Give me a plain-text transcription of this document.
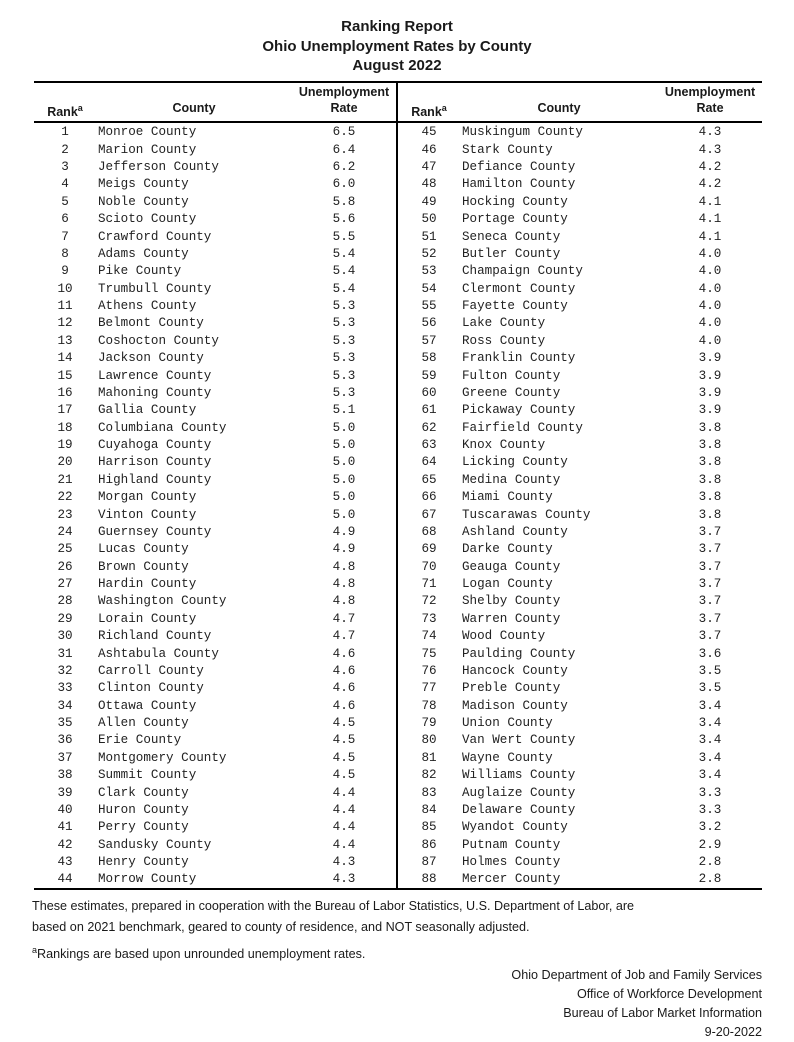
Ranking Report
Ohio Unemployment Rates by County
August 2022
Unemployment
Rank$^a$	County	Rate
1	Monroe County	6.5
2	Marion County	6.4
3	Jefferson County	6.2
4	Meigs County	6.0
5	Noble County	5.8
6	Scioto County	5.6
7	Crawford County	5.5
8	Adams County	5.4
9	Pike County	5.4
10	Trumbull County	5.4
11	Athens County	5.3
12	Belmont County	5.3
13	Coshocton County	5.3
14	Jackson County	5.3
15	Lawrence County	5.3
16	Mahoning County	5.3
17	Gallia County	5.1
18	Columbiana County	5.0
19	Cuyahoga County	5.0
20	Harrison County	5.0
21	Highland County	5.0
22	Morgan County	5.0
23	Vinton County	5.0
24	Guernsey County	4.9
25	Lucas County	4.9
26	Brown County	4.8
27	Hardin County	4.8
28	Washington County	4.8
29	Lorain County	4.7
30	Richland County	4.7
31	Ashtabula County	4.6
32	Carroll County	4.6
33	Clinton County	4.6
34	Ottawa County	4.6
35	Allen County	4.5
36	Erie County	4.5
37	Montgomery County	4.5
38	Summit County	4.5
39	Clark County	4.4
40	Huron County	4.4
41	Perry County	4.4
42	Sandusky County	4.4
43	Henry County	4.3
44	Morrow County	4.3
Unemployment
Rank$^a$	County	Rate
45	Muskingum County	4.3
46	Stark County	4.3
47	Defiance County	4.2
48	Hamilton County	4.2
49	Hocking County	4.1
50	Portage County	4.1
51	Seneca County	4.1
52	Butler County	4.0
53	Champaign County	4.0
54	Clermont County	4.0
55	Fayette County	4.0
56	Lake County	4.0
57	Ross County	4.0
58	Franklin County	3.9
59	Fulton County	3.9
60	Greene County	3.9
61	Pickaway County	3.9
62	Fairfield County	3.8
63	Knox County	3.8
64	Licking County	3.8
65	Medina County	3.8
66	Miami County	3.8
67	Tuscarawas County	3.8
68	Ashland County	3.7
69	Darke County	3.7
70	Geauga County	3.7
71	Logan County	3.7
72	Shelby County	3.7
73	Warren County	3.7
74	Wood County	3.7
75	Paulding County	3.6
76	Hancock County	3.5
77	Preble County	3.5
78	Madison County	3.4
79	Union County	3.4
80	Van Wert County	3.4
81	Wayne County	3.4
82	Williams County	3.4
83	Auglaize County	3.3
84	Delaware County	3.3
85	Wyandot County	3.2
86	Putnam County	2.9
87	Holmes County	2.8
88	Mercer County	2.8
These estimates, prepared in cooperation with the Bureau of Labor Statistics, U.S. Department of Labor, are
based on 2021 benchmark, geared to county of residence, and NOT seasonally adjusted.
$^a$Rankings are based upon unrounded unemployment rates.
Ohio Department of Job and Family Services
Office of Workforce Development
Bureau of Labor Market Information
9-20-2022
